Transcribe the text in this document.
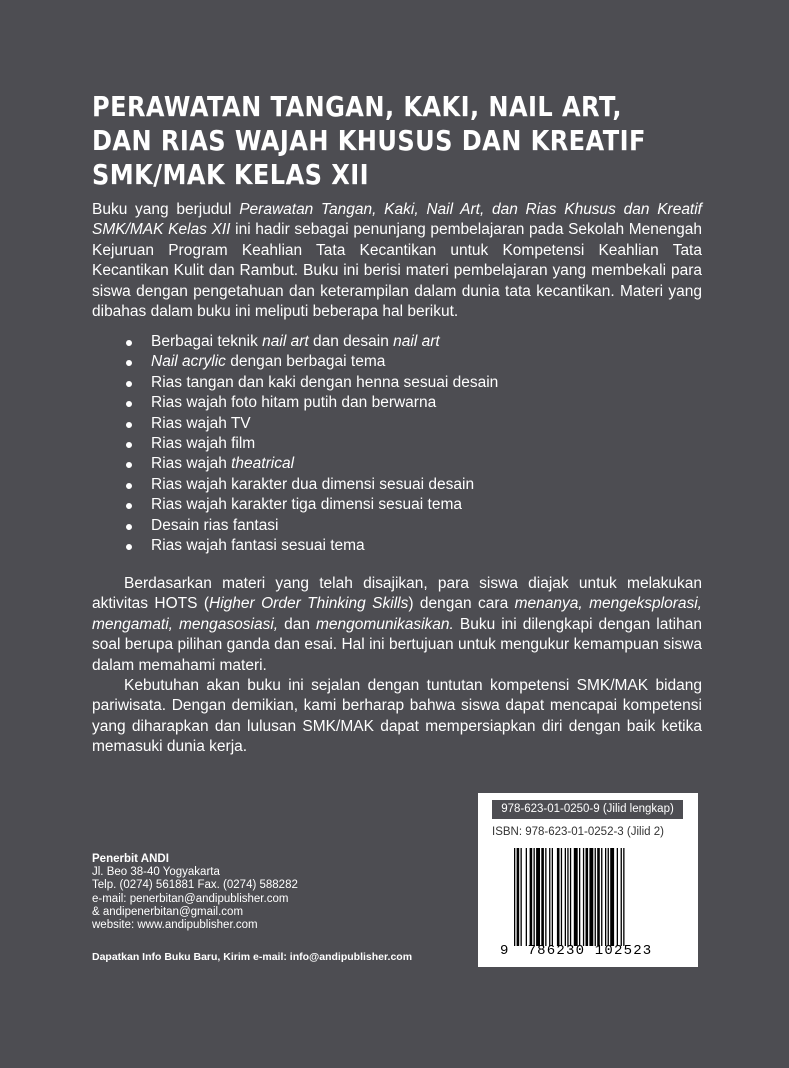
PERAWATAN TANGAN, KAKI, NAIL ART,
DAN RIAS WAJAH KHUSUS DAN KREATIF
SMK/MAK KELAS XII
Buku yang berjudul Perawatan Tangan, Kaki, Nail Art, dan Rias Khusus dan Kreatif SMK/MAK Kelas XII ini hadir sebagai penunjang pembelajaran pada Sekolah Menengah Kejuruan Program Keahlian Tata Kecantikan untuk Kompetensi Keahlian Tata Kecantikan Kulit dan Rambut. Buku ini berisi materi pembelajaran yang membekali para siswa dengan pengetahuan dan keterampilan dalam dunia tata kecantikan. Materi yang dibahas dalam buku ini meliputi beberapa hal berikut.
Berbagai teknik nail art dan desain nail art
Nail acrylic dengan berbagai tema
Rias tangan dan kaki dengan henna sesuai desain
Rias wajah foto hitam putih dan berwarna
Rias wajah TV
Rias wajah film
Rias wajah theatrical
Rias wajah karakter dua dimensi sesuai desain
Rias wajah karakter tiga dimensi sesuai tema
Desain rias fantasi
Rias wajah fantasi sesuai tema

Berdasarkan materi yang telah disajikan, para siswa diajak untuk melakukan aktivitas HOTS (Higher Order Thinking Skills) dengan cara menanya, mengeksplorasi, mengamati, mengasosiasi, dan mengomunikasikan. Buku ini dilengkapi dengan latihan soal berupa pilihan ganda dan esai. Hal ini bertujuan untuk mengukur kemampuan siswa dalam memahami materi.

Kebutuhan akan buku ini sejalan dengan tuntutan kompetensi SMK/MAK bidang pariwisata. Dengan demikian, kami berharap bahwa siswa dapat mencapai kompetensi yang diharapkan dan lulusan SMK/MAK dapat mempersiapkan diri dengan baik ketika memasuki dunia kerja.

Penerbit ANDI
Jl. Beo 38-40 Yogyakarta
Telp. (0274) 561881 Fax. (0274) 588282
e-mail: penerbitan@andipublisher.com
& andipenerbitan@gmail.com
website: www.andipublisher.com
Dapatkan Info Buku Baru, Kirim e-mail: info@andipublisher.com
978-623-01-0250-9 (Jilid lengkap)
ISBN: 978-623-01-0252-3 (Jilid 2)
9	786230 102523
